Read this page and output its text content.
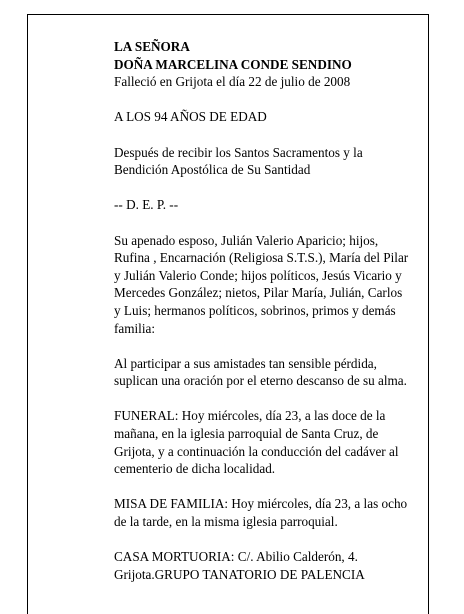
LA SEÑORA
DOÑA MARCELINA CONDE SENDINO
Falleció en Grijota el día 22 de julio de 2008

A LOS 94 AÑOS DE EDAD

Después de recibir los Santos Sacramentos y la
Bendición Apostólica de Su Santidad

-- D. E. P. --

Su apenado esposo, Julián Valerio Aparicio; hijos,
Rufina , Encarnación (Religiosa S.T.S.), María del Pilar
y Julián Valerio Conde; hijos políticos, Jesús Vicario y
Mercedes González; nietos, Pilar María, Julián, Carlos
y Luis; hermanos políticos, sobrinos, primos y demás
familia:

Al participar a sus amistades tan sensible pérdida,
suplican una oración por el eterno descanso de su alma.

FUNERAL: Hoy miércoles, día 23, a las doce de la
mañana, en la iglesia parroquial de Santa Cruz, de
Grijota, y a continuación la conducción del cadáver al
cementerio de dicha localidad.

MISA DE FAMILIA: Hoy miércoles, día 23, a las ocho
de la tarde, en la misma iglesia parroquial.

CASA MORTUORIA: C/. Abilio Calderón, 4.
Grijota.GRUPO TANATORIO DE PALENCIA
